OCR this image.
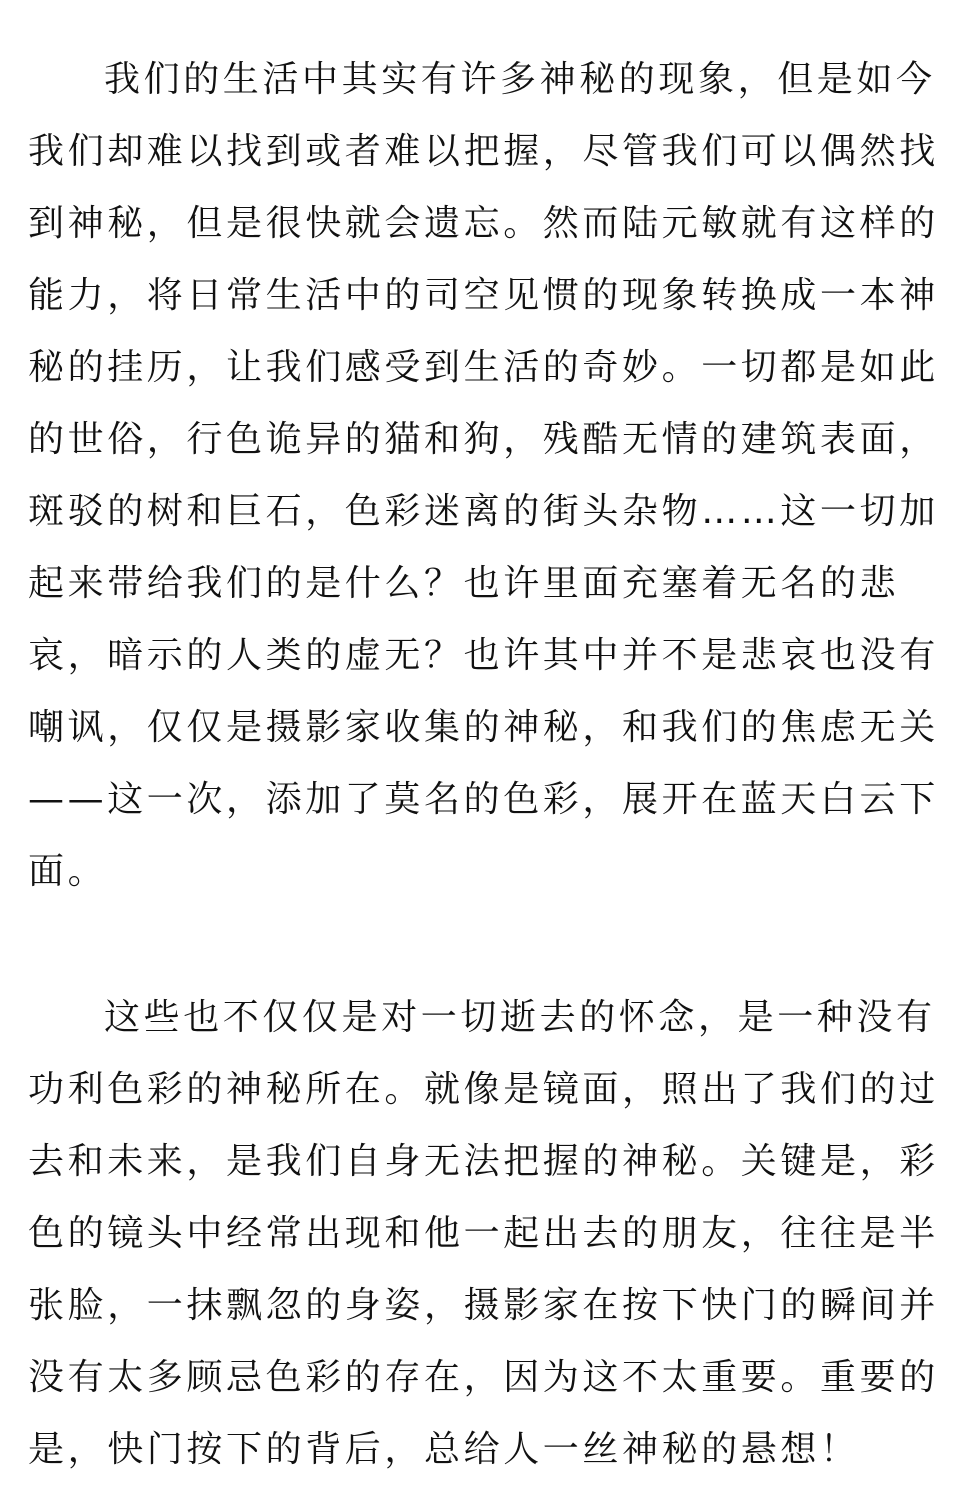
我们的生活中其实有许多神秘的现象，但是如今
我们却难以找到或者难以把握，尽管我们可以偶然找
到神秘，但是很快就会遗忘。然而陆元敏就有这样的
能力，将日常生活中的司空见惯的现象转换成一本神
秘的挂历，让我们感受到生活的奇妙。一切都是如此
的世俗，行色诡异的猫和狗，残酷无情的建筑表面，
斑驳的树和巨石，色彩迷离的街头杂物……这一切加
起来带给我们的是什么？也许里面充塞着无名的悲
哀，暗示的人类的虚无？也许其中并不是悲哀也没有
嘲讽，仅仅是摄影家收集的神秘，和我们的焦虑无关
——这一次，添加了莫名的色彩，展开在蓝天白云下
面。
这些也不仅仅是对一切逝去的怀念，是一种没有
功利色彩的神秘所在。就像是镜面，照出了我们的过
去和未来，是我们自身无法把握的神秘。关键是，彩
色的镜头中经常出现和他一起出去的朋友，往往是半
张脸，一抹飘忽的身姿，摄影家在按下快门的瞬间并
没有太多顾忌色彩的存在，因为这不太重要。重要的
是，快门按下的背后，总给人一丝神秘的悬想！
